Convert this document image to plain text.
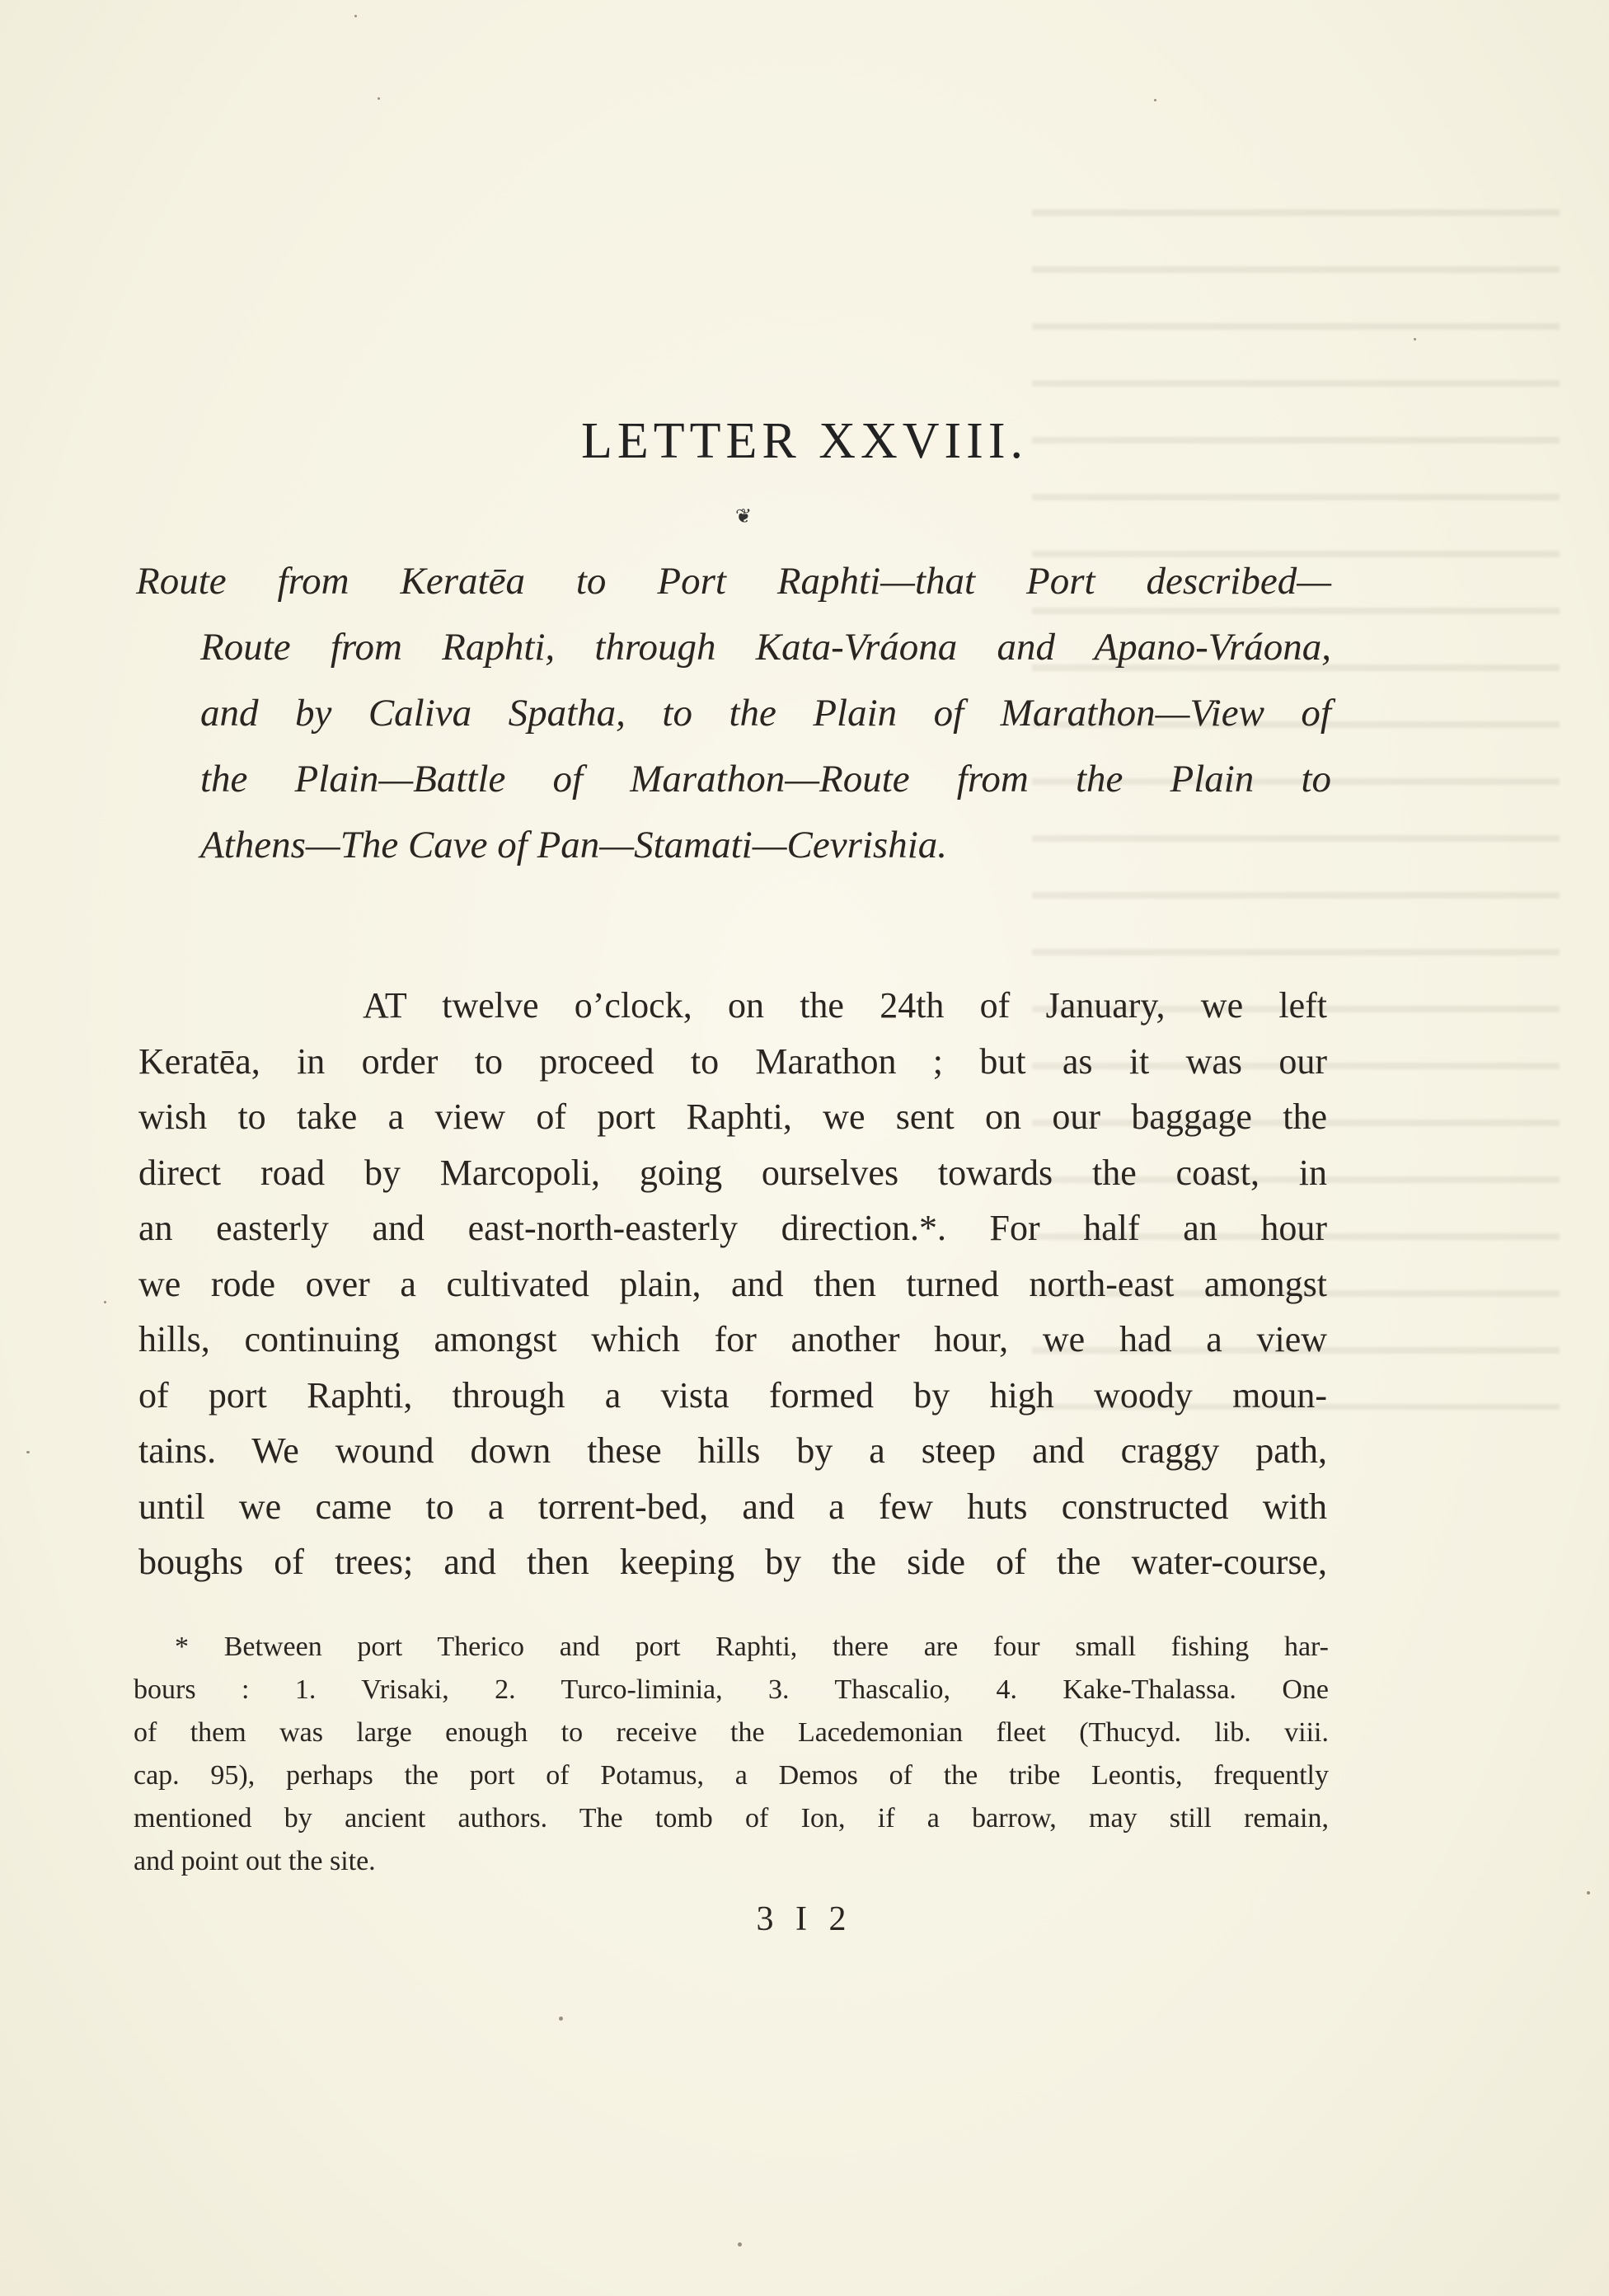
LETTER XXVIII.
❦
Route from Keratēa to Port Raphti—that Port described—
Route from Raphti, through Kata-Vráona and Apano-Vráona,
and by Caliva Spatha, to the Plain of Marathon—View of
the Plain—Battle of Marathon—Route from the Plain to
Athens—The Cave of Pan—Stamati—Cevrishia.
AT twelve o’clock, on the 24th of January, we left
Keratēa, in order to proceed to Marathon ; but as it was our
wish to take a view of port Raphti, we sent on our baggage the
direct road by Marcopoli, going ourselves towards the coast, in
an easterly and east-north-easterly direction.*. For half an hour
we rode over a cultivated plain, and then turned north-east amongst
hills, continuing amongst which for another hour, we had a view
of port Raphti, through a vista formed by high woody moun-
tains. We wound down these hills by a steep and craggy path,
until we came to a torrent-bed, and a few huts constructed with
boughs of trees; and then keeping by the side of the water-course,
* Between port Therico and port Raphti, there are four small fishing har-
bours : 1. Vrisaki, 2. Turco-liminia, 3. Thascalio, 4. Kake-Thalassa. One
of them was large enough to receive the Lacedemonian fleet (Thucyd. lib. viii.
cap. 95), perhaps the port of Potamus, a Demos of the tribe Leontis, frequently
mentioned by ancient authors. The tomb of Ion, if a barrow, may still remain,
and point out the site.
3 I 2
